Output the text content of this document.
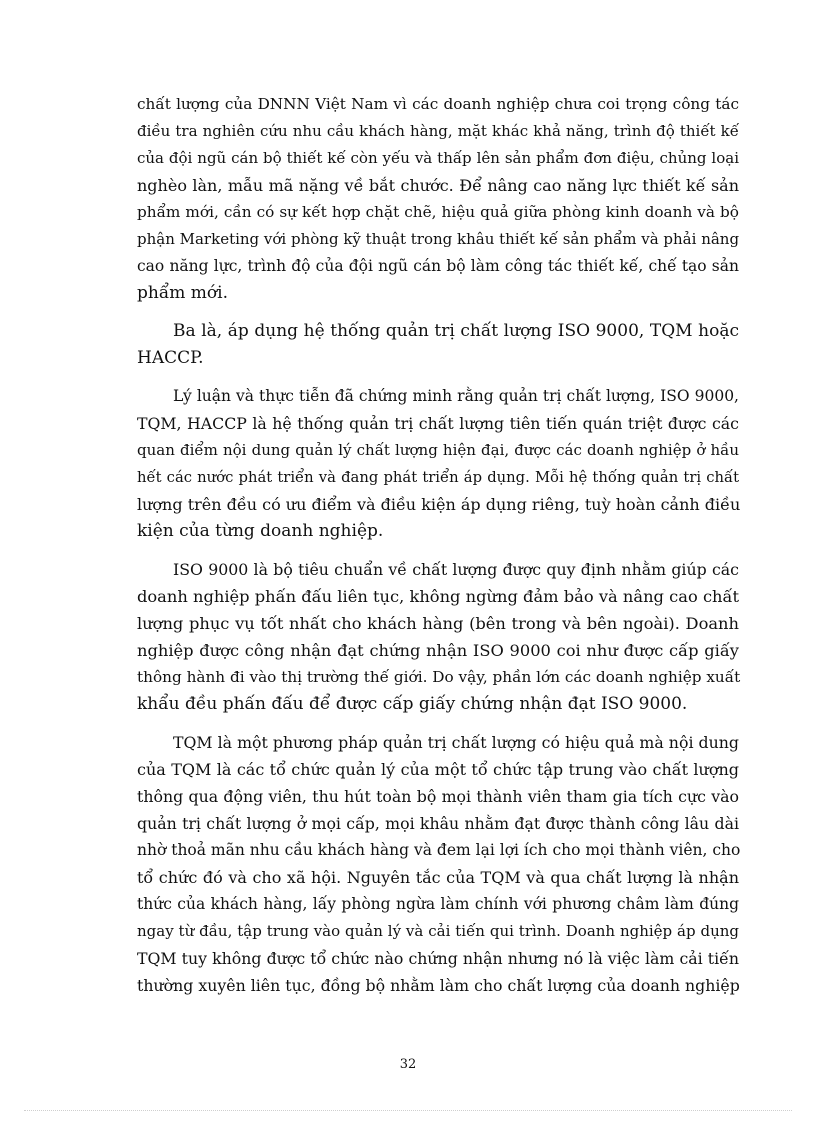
chất lượng của DNNN Việt Nam vì các doanh nghiệp chưa coi trọng công tác
điều tra nghiên cứu nhu cầu khách hàng, mặt khác khả năng, trình độ thiết kế
của đội ngũ cán bộ thiết kế còn yếu và thấp lên sản phẩm đơn điệu, chủng loại
nghèo làn, mẫu mã nặng về bắt chước. Để nâng cao năng lực thiết kế sản
phẩm mới, cần có sự kết hợp chặt chẽ, hiệu quả giữa phòng kinh doanh và bộ
phận Marketing với phòng kỹ thuật trong khâu thiết kế sản phẩm và phải nâng
cao năng lực, trình độ của đội ngũ cán bộ làm công tác thiết kế, chế tạo sản
phẩm mới.
Ba là, áp dụng hệ thống quản trị chất lượng ISO 9000, TQM hoặc
HACCP.
Lý luận và thực tiễn đã chứng minh rằng quản trị chất lượng, ISO 9000,
TQM, HACCP là hệ thống quản trị chất lượng tiên tiến quán triệt được các
quan điểm nội dung quản lý chất lượng hiện đại, được các doanh nghiệp ở hầu
hết các nước phát triển và đang phát triển áp dụng. Mỗi hệ thống quản trị chất
lượng trên đều có ưu điểm và điều kiện áp dụng riêng, tuỳ hoàn cảnh điều
kiện của từng doanh nghiệp.
ISO 9000 là bộ tiêu chuẩn về chất lượng được quy định nhằm giúp các
doanh nghiệp phấn đấu liên tục, không ngừng đảm bảo và nâng cao chất
lượng phục vụ tốt nhất cho khách hàng (bên trong và bên ngoài). Doanh
nghiệp được công nhận đạt chứng nhận ISO 9000 coi như được cấp giấy
thông hành đi vào thị trường thế giới. Do vậy, phần lớn các doanh nghiệp xuất
khẩu đều phấn đấu để được cấp giấy chứng nhận đạt ISO 9000.
TQM là một phương pháp quản trị chất lượng có hiệu quả mà nội dung
của TQM là các tổ chức quản lý của một tổ chức tập trung vào chất lượng
thông qua động viên, thu hút toàn bộ mọi thành viên tham gia tích cực vào
quản trị chất lượng ở mọi cấp, mọi khâu nhằm đạt được thành công lâu dài
nhờ thoả mãn nhu cầu khách hàng và đem lại lợi ích cho mọi thành viên, cho
tổ chức đó và cho xã hội. Nguyên tắc của TQM và qua chất lượng là nhận
thức của khách hàng, lấy phòng ngừa làm chính với phương châm làm đúng
ngay từ đầu, tập trung vào quản lý và cải tiến qui trình. Doanh nghiệp áp dụng
TQM tuy không được tổ chức nào chứng nhận nhưng nó là việc làm cải tiến
thường xuyên liên tục, đồng bộ nhằm làm cho chất lượng của doanh nghiệp
32
